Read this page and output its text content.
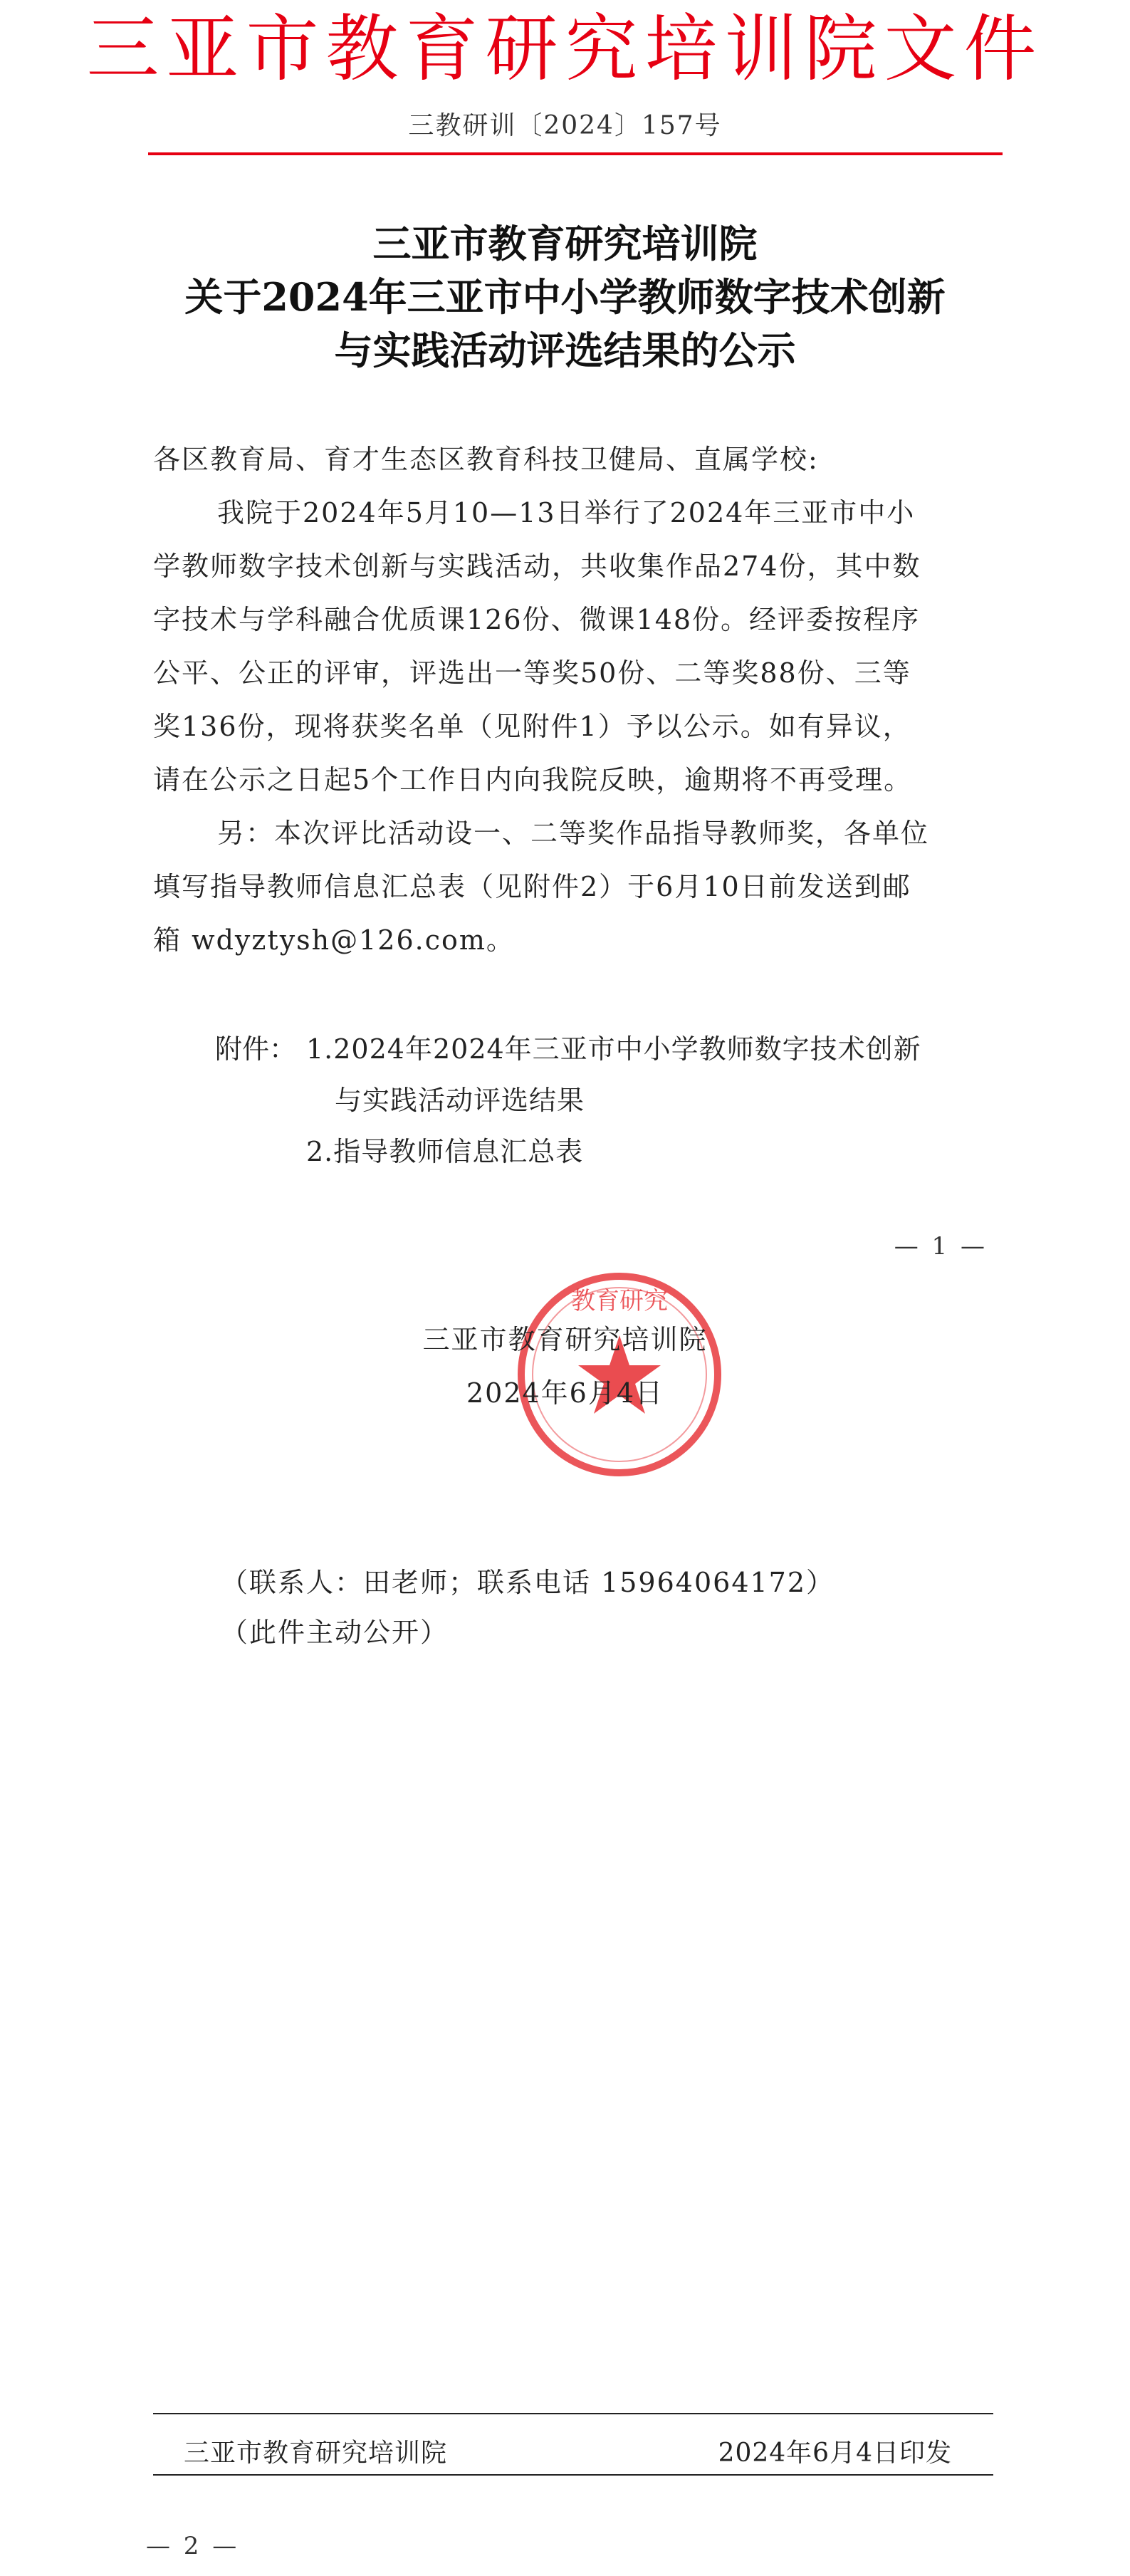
三亚市教育研究培训院文件
三教研训〔2024〕157号
三亚市教育研究培训院
关于2024年三亚市中小学教师数字技术创新
与实践活动评选结果的公示
各区教育局、育才生态区教育科技卫健局、直属学校:
我院于2024年5月10—13日举行了2024年三亚市中小
学教师数字技术创新与实践活动，共收集作品274份，其中数
字技术与学科融合优质课126份、微课148份。经评委按程序
公平、公正的评审，评选出一等奖50份、二等奖88份、三等
奖136份，现将获奖名单（见附件1）予以公示。如有异议，
请在公示之日起5个工作日内向我院反映，逾期将不再受理。
另：本次评比活动设一、二等奖作品指导教师奖，各单位
填写指导教师信息汇总表（见附件2）于6月10日前发送到邮
箱 wdyztysh@126.com。
附件： 1.2024年2024年三亚市中小学教师数字技术创新
与实践活动评选结果
2.指导教师信息汇总表
— 1 —
教育研究
三亚市教育研究培训院
2024年6月4日
（联系人：田老师；联系电话 15964064172）
（此件主动公开）
三亚市教育研究培训院	2024年6月4日印发
— 2 —
